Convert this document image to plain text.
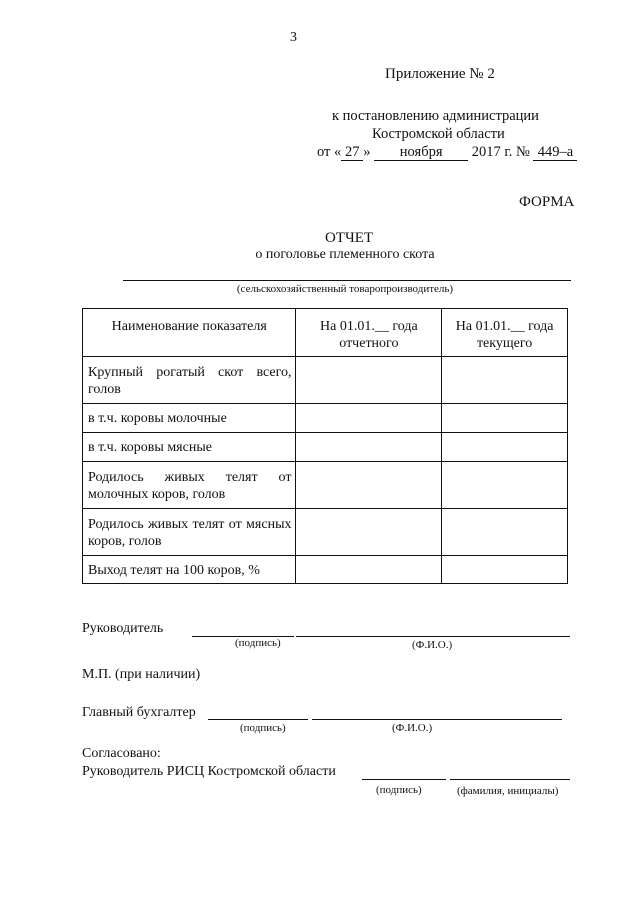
3
Приложение № 2
к постановлению администрации
Костромской области
от « 27 » ноября 2017 г. № 449–а
ФОРМА
ОТЧЕТ
о поголовье племенного скота
(сельскохозяйственный товаропроизводитель)
Наименование показателя	На 01.01.__ года отчетного	На 01.01.__ года текущего
Крупный рогатый скот всего, голов		
в т.ч. коровы молочные		
в т.ч. коровы мясные		
Родилось живых телят от молочных коров, голов		
Родилось живых телят от мясных коров, голов		
Выход телят на 100 коров, %		
Руководитель
(подпись)	(Ф.И.О.)
М.П. (при наличии)
Главный бухгалтер
(подпись)	(Ф.И.О.)
Согласовано:
Руководитель РИСЦ Костромской области
(подпись)	(фамилия, инициалы)
